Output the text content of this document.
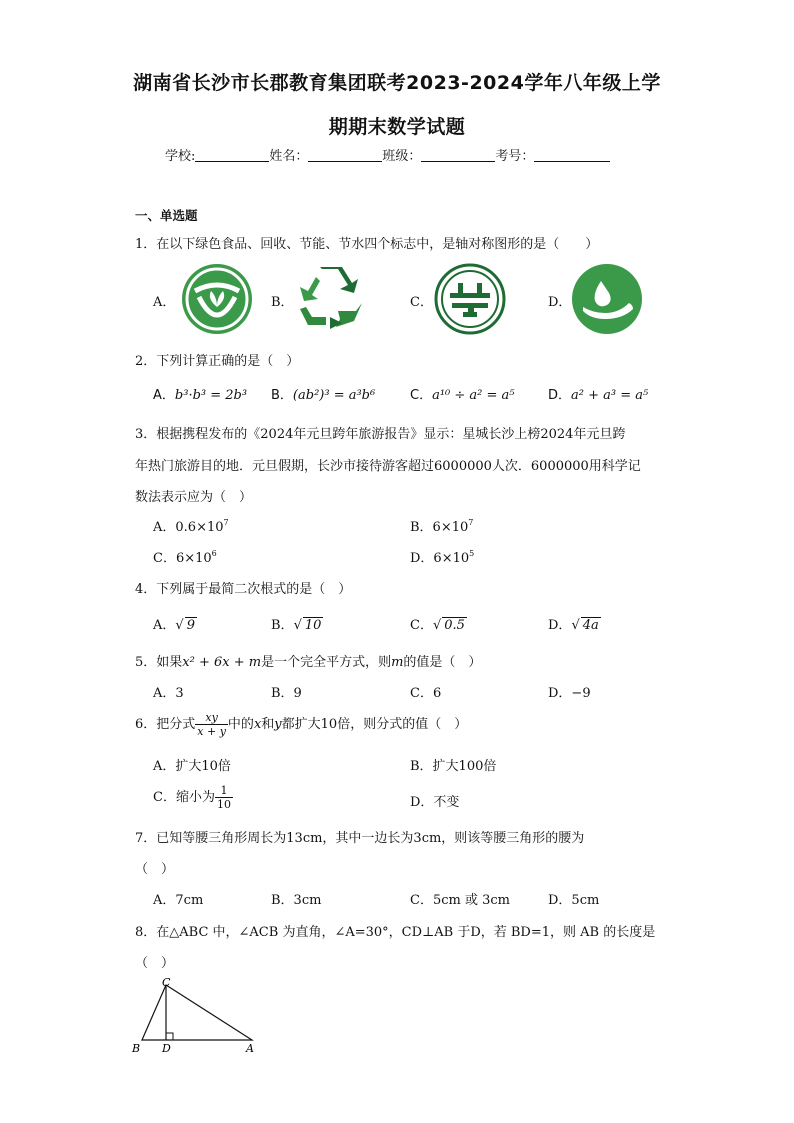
湖南省长沙市长郡教育集团联考2023-2024学年八年级上学
期期末数学试题
学校:	姓名：	班级：	考号：
一、单选题
1．在以下绿色食品、回收、节能、节水四个标志中，是轴对称图形的是（　　）
A．	B．	C．	D．
2．下列计算正确的是（　）
A．b³·b³ = 2b³ B．(ab²)³ = a³b⁶	C．a¹⁰ ÷ a² = a⁵	D．a² + a³ = a⁵
3．根据携程发布的《2024年元旦跨年旅游报告》显示：星城长沙上榜2024年元旦跨
年热门旅游目的地．元旦假期，长沙市接待游客超过6000000人次．6000000用科学记
数法表示应为（　）
A．$0.6\times 10^7$	B．$6\times 10^7$
C．$6\times 10^6$	D．$6\times 10^5$
4．下列属于最简二次根式的是（　）
A．√ 9	B．√ 10	C．√ 0.5	D．√ 4a
5．如果x² + 6x + m是一个完全平方式，则m的值是（　）
A．3	B．9	C．6	D．−9
6．把分式 $\frac{xy}{x + y}$ 中的x和y都扩大10倍，则分式的值（　）
A．扩大10倍	B．扩大100倍
C．缩小为 $\frac{1}{10}$	D．不变
7．已知等腰三角形周长为13cm，其中一边长为3cm，则该等腰三角形的腰为
（　）
A．7cm	B．3cm	C．5cm 或 3cm	D．5cm
8．在△ABC 中，∠ACB 为直角，∠A=30°，CD⊥AB 于D，若 BD=1，则 AB 的长度是
（　）
C
B D	A
